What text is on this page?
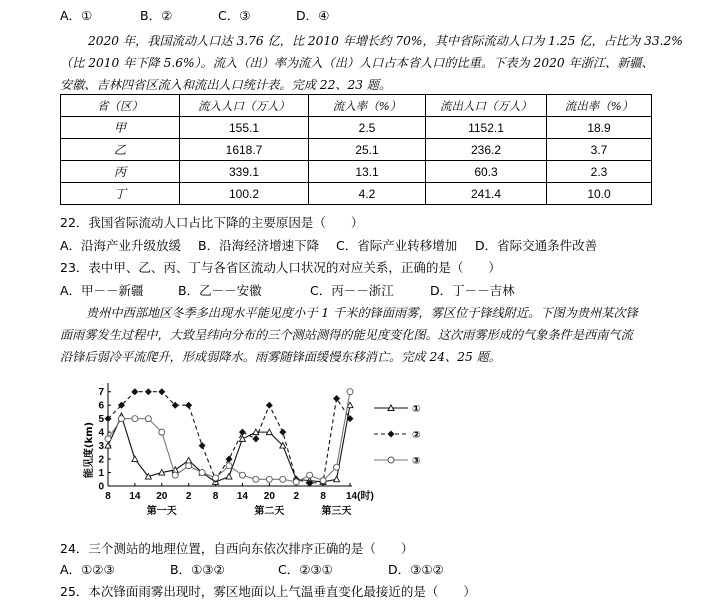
A．①	B．②	C．③	D．④
2020 年，我国流动人口达 3.76 亿，比 2010 年增长约 70%，其中省际流动人口为 1.25 亿，占比为 33.2%
（比 2010 年下降 5.6%）。流入（出）率为流入（出）人口占本省人口的比重。下表为 2020 年浙江、新疆、
安徽、吉林四省区流入和流出人口统计表。完成 22、23 题。
省（区）	流入人口（万人）	流入率（%）	流出人口（万人）	流出率（%）
甲	155.1	2.5	1152.1	18.9
乙	1618.7	25.1	236.2	3.7
丙	339.1	13.1	60.3	2.3
丁	100.2	4.2	241.4	10.0
22．我国省际流动人口占比下降的主要原因是（　　）
A．沿海产业升级放缓 B．沿海经济增速下降 C．省际产业转移增加 D．省际交通条件改善
23．表中甲、乙、丙、丁与各省区流动人口状况的对应关系，正确的是（　　）
A．甲－－新疆	B．乙－－安徽	C．丙－－浙江	D．丁－－吉林
贵州中西部地区冬季多出现水平能见度小于 1 千米的锋面雨雾，雾区位于锋线附近。下图为贵州某次锋
面雨雾发生过程中，大致呈纬向分布的三个测站测得的能见度变化图。这次雨雾形成的气象条件是西南气流
沿锋后弱冷平流爬升，形成弱降水。雨雾随锋面缓慢东移消亡。完成 24、25 题。
能见度(km)
0
1
2
3
4
5
6
7
8 14 20 2 8 14 20 2 8 14(时)
第一天	第二天	第三天
①
②
③
24．三个测站的地理位置，自西向东依次排序正确的是（　　）
A．①②③	B．①③②	C．②③①	D．③①②
25．本次锋面雨雾出现时，雾区地面以上气温垂直变化最接近的是（　　）
